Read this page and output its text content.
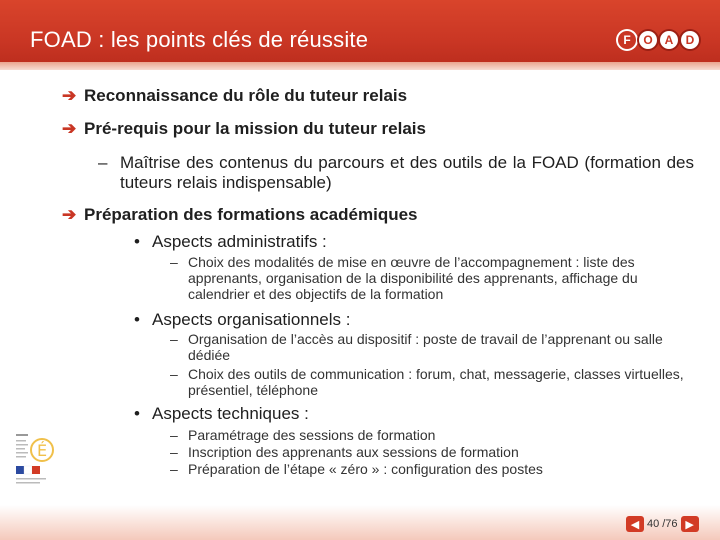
FOAD : les points clés de réussite	F	O A	D
➔ Reconnaissance du rôle du tuteur relais
➔ Pré-requis pour la mission du tuteur relais
– Maîtrise des contenus du parcours et des outils de la FOAD (formation des tuteurs relais indispensable)
➔ Préparation des formations académiques
• Aspects administratifs :
– Choix des modalités de mise en œuvre de l’accompagnement : liste des apprenants, organisation de la disponibilité des apprenants, affichage du calendrier et des objectifs de la formation
• Aspects organisationnels :
– Organisation de l’accès au dispositif : poste de travail de l’apprenant ou salle dédiée
– Choix des outils de communication : forum, chat, messagerie, classes virtuelles, présentiel, téléphone
• Aspects techniques :
– Paramétrage des sessions de formation
– Inscription des apprenants aux sessions de formation
– Préparation de l’étape « zéro » : configuration des postes
É
◀ 40 /76 ▶
